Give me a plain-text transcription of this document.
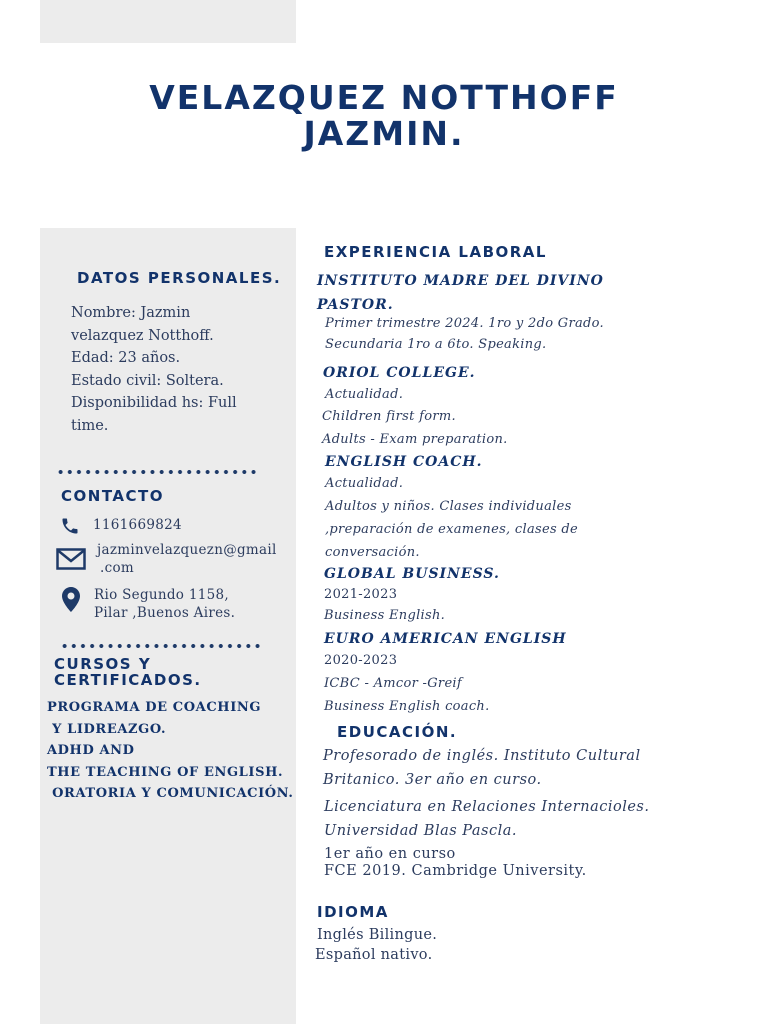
VELAZQUEZ NOTTHOFF
JAZMIN.
DATOS PERSONALES.
Nombre: Jazmin
velazquez Notthoff.
Edad: 23 años.
Estado civil: Soltera.
Disponibilidad hs: Full
time.
CONTACTO
1161669824
jazminvelazquezn@gmail
.com
Rio Segundo 1158,
Pilar ,Buenos Aires.
CURSOS Y
CERTIFICADOS.
PROGRAMA DE COACHING
Y LIDREAZGO.
ADHD AND
THE TEACHING OF ENGLISH.
ORATORIA Y COMUNICACIÓN.
EXPERIENCIA LABORAL
INSTITUTO MADRE DEL DIVINO
PASTOR.
Primer trimestre 2024. 1ro y 2do Grado.
Secundaria 1ro a 6to. Speaking.
ORIOL COLLEGE.
Actualidad.
Children first form.
Adults - Exam preparation.
ENGLISH COACH.
Actualidad.
Adultos y niños. Clases individuales
,preparación de examenes, clases de
conversación.
GLOBAL BUSINESS.
2021-2023
Business English.
EURO AMERICAN ENGLISH
2020-2023
ICBC - Amcor -Greif
Business English coach.
EDUCACIÓN.
Profesorado de inglés. Instituto Cultural
Britanico. 3er año en curso.
Licenciatura en Relaciones Internacioles.
Universidad Blas Pascla.
1er año en curso
FCE 2019. Cambridge University.
IDIOMA
Inglés Bilingue.
Español nativo.
